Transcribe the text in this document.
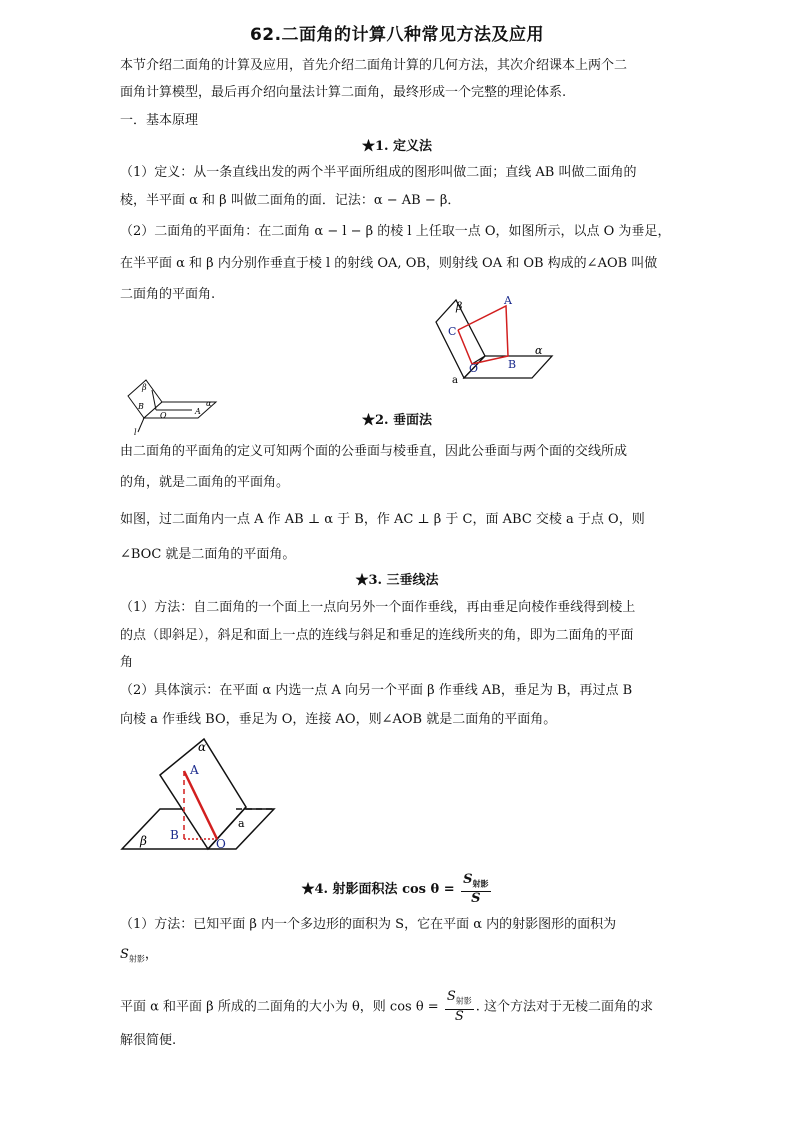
62.二面角的计算八种常见方法及应用
本节介绍二面角的计算及应用，首先介绍二面角计算的几何方法，其次介绍课本上两个二
面角计算模型，最后再介绍向量法计算二面角，最终形成一个完整的理论体系.
一．基本原理
★1. 定义法
（1）定义：从一条直线出发的两个半平面所组成的图形叫做二面；直线 AB 叫做二面角的
棱，半平面 α 和 β 叫做二面角的面．记法：α − AB − β．
（2）二面角的平面角：在二面角 α − l − β 的棱 l 上任取一点 O，如图所示，以点 O 为垂足，
在半平面 α 和 β 内分别作垂直于棱 l 的射线 OA, OB，则射线 OA 和 OB 构成的∠AOB 叫做
二面角的平面角.
β	A
C
B
O
α
a
β
B
O	A
α
l
★2. 垂面法
由二面角的平面角的定义可知两个面的公垂面与棱垂直，因此公垂面与两个面的交线所成
的角，就是二面角的平面角。
如图，过二面角内一点 A 作 AB ⊥ α 于 B，作 AC ⊥ β 于 C，面 ABC 交棱 a 于点 O，则
∠BOC 就是二面角的平面角。
★3. 三垂线法
（1）方法：自二面角的一个面上一点向另外一个面作垂线，再由垂足向棱作垂线得到棱上
的点（即斜足），斜足和面上一点的连线与斜足和垂足的连线所夹的角，即为二面角的平面
角
（2）具体演示：在平面 α 内选一点 A 向另一个平面 β 作垂线 AB，垂足为 B，再过点 B
向棱 a 作垂线 BO，垂足为 O，连接 AO，则∠AOB 就是二面角的平面角。
α
A
B
O
a
β
★4. 射影面积法 $\cos \theta = \frac{S_{射影}}{S}$
（1）方法：已知平面 β 内一个多边形的面积为 S，它在平面 α 内的射影图形的面积为
$S_{射影}$，
平面 α 和平面 β 所成的二面角的大小为 θ，则 $\cos \theta = \frac{S_{射影}}{S}$ . 这个方法对于无棱二面角的求
解很简便.
